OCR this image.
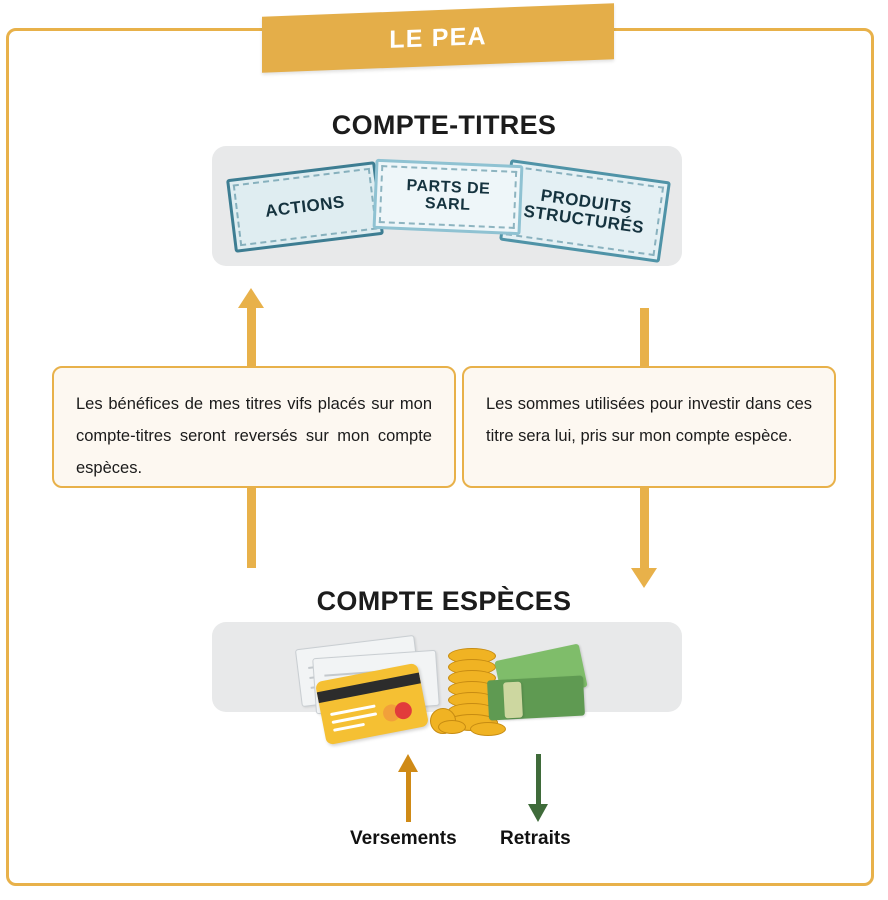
LE PEA
COMPTE-TITRES
ACTIONS
PARTS DE SARL	PRODUITS STRUCTURÉS
Les bénéfices de mes titres vifs placés sur mon compte-titres seront reversés sur mon compte espèces.
Les sommes utilisées pour investir dans ces titre sera lui, pris sur mon compte espèce.
COMPTE ESPÈCES
Versements Retraits
